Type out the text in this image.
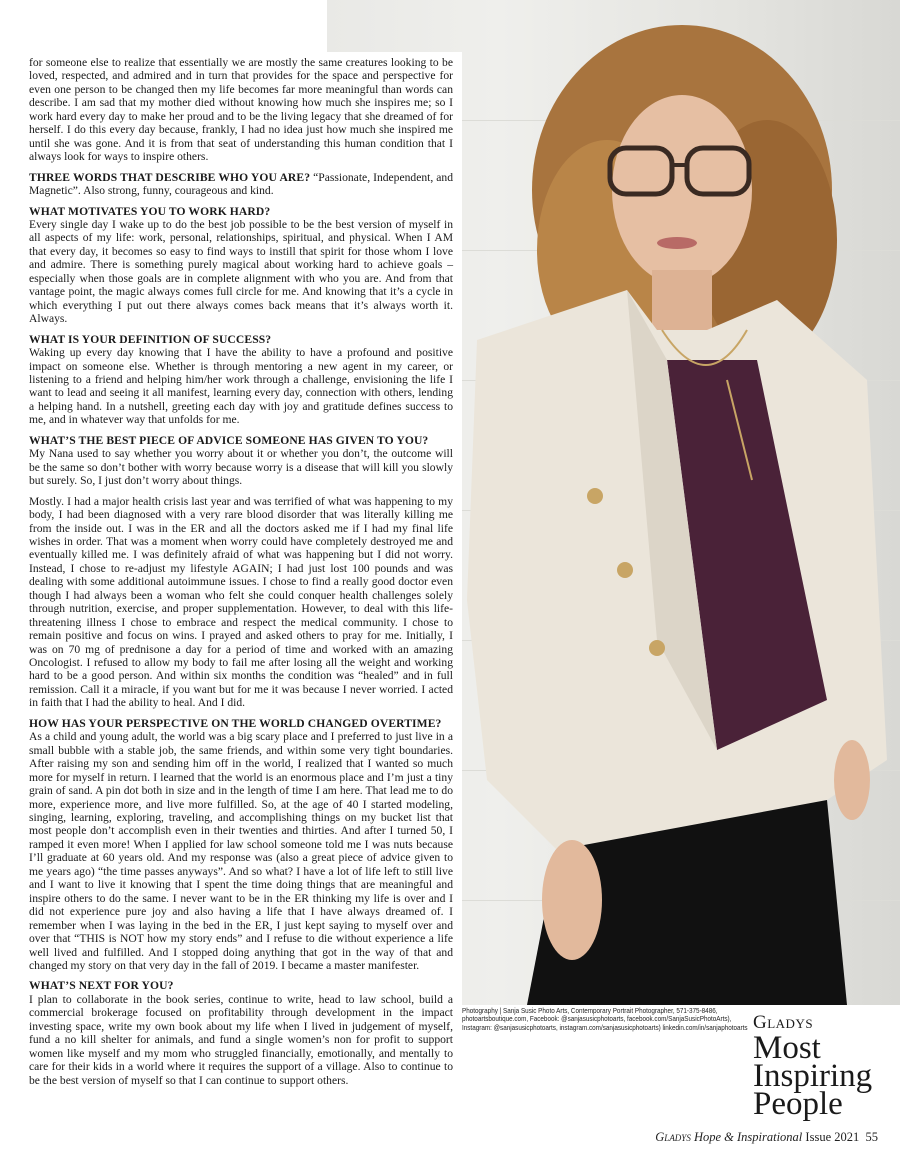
for someone else to realize that essentially we are mostly the same creatures looking to be loved, respected, and admired and in turn that provides for the space and perspective for even one person to be changed then my life becomes far more meaningful than words can describe. I am sad that my mother died without knowing how much she inspires me; so I work hard every day to make her proud and to be the living legacy that she dreamed of for herself. I do this every day because, frankly, I had no idea just how much she inspired me until she was gone. And it is from that seat of understanding this human condition that I always look for ways to inspire others.

THREE WORDS THAT DESCRIBE WHO YOU ARE? “Passionate, Independent, and Magnetic”. Also strong, funny, courageous and kind.

WHAT MOTIVATES YOU TO WORK HARD?
Every single day I wake up to do the best job possible to be the best version of myself in all aspects of my life: work, personal, relationships, spiritual, and physical. When I AM that every day, it becomes so easy to find ways to instill that spirit for those whom I love and admire. There is something purely magical about working hard to achieve goals – especially when those goals are in complete alignment with who you are. And from that vantage point, the magic always comes full circle for me. And knowing that it’s a cycle in which everything I put out there always comes back means that it’s always worth it. Always.

WHAT IS YOUR DEFINITION OF SUCCESS?
Waking up every day knowing that I have the ability to have a profound and positive impact on someone else. Whether is through mentoring a new agent in my career, or listening to a friend and helping him/her work through a challenge, envisioning the life I want to lead and seeing it all manifest, learning every day, connection with others, lending a helping hand. In a nutshell, greeting each day with joy and gratitude defines success to me, and in whatever way that unfolds for me.

WHAT’S THE BEST PIECE OF ADVICE SOMEONE HAS GIVEN TO YOU?
My Nana used to say whether you worry about it or whether you don’t, the outcome will be the same so don’t bother with worry because worry is a disease that will kill you slowly but surely. So, I just don’t worry about things.

Mostly. I had a major health crisis last year and was terrified of what was happening to my body, I had been diagnosed with a very rare blood disorder that was literally killing me from the inside out. I was in the ER and all the doctors asked me if I had my final life wishes in order. That was a moment when worry could have completely destroyed me and eventually killed me. I was definitely afraid of what was happening but I did not worry. Instead, I chose to re-adjust my lifestyle AGAIN; I had just lost 100 pounds and was dealing with some additional autoimmune issues. I chose to find a really good doctor even though I had always been a woman who felt she could conquer health challenges solely through nutrition, exercise, and proper supplementation. However, to deal with this life-threatening illness I chose to embrace and respect the medical community. I chose to remain positive and focus on wins. I prayed and asked others to pray for me. Initially, I was on 70 mg of prednisone a day for a period of time and worked with an amazing Oncologist. I refused to allow my body to fail me after losing all the weight and working hard to be a good person. And within six months the condition was “healed” and in full remission. Call it a miracle, if you want but for me it was because I never worried. I acted in faith that I had the ability to heal. And I did.

HOW HAS YOUR PERSPECTIVE ON THE WORLD CHANGED OVERTIME?
As a child and young adult, the world was a big scary place and I preferred to just live in a small bubble with a stable job, the same friends, and within some very tight boundaries. After raising my son and sending him off in the world, I realized that I wanted so much more for myself in return. I learned that the world is an enormous place and I’m just a tiny grain of sand. A pin dot both in size and in the length of time I am here. That lead me to do more, experience more, and live more fulfilled. So, at the age of 40 I started modeling, singing, learning, exploring, traveling, and accomplishing things on my bucket list that most people don’t accomplish even in their twenties and thirties. And after I turned 50, I ramped it even more! When I applied for law school someone told me I was nuts because I’ll graduate at 60 years old. And my response was (also a great piece of advice given to me years ago) “the time passes anyways”. And so what? I have a lot of life left to still live and I want to live it knowing that I spent the time doing things that are meaningful and inspire others to do the same. I never want to be in the ER thinking my life is over and I did not experience pure joy and also having a life that I have always dreamed of. I remember when I was laying in the bed in the ER, I just kept saying to myself over and over that “THIS is NOT how my story ends” and I refuse to die without experience a life well lived and fulfilled. And I stopped doing anything that got in the way of that and changed my story on that very day in the fall of 2019. I became a master manifester.

WHAT’S NEXT FOR YOU?
I plan to collaborate in the book series, continue to write, head to law school, build a commercial brokerage focused on profitability through development in the impact investing space, write my own book about my life when I lived in judgement of myself, fund a no kill shelter for animals, and fund a single women’s non for profit to support women like myself and my mom who struggled financially, emotionally, and mentally to care for their kids in a world where it requires the support of a village. Also to continue to be the best version of myself so that I can continue to support others.

Photography | Sanja Susic Photo Arts, Contemporary Portrait Photographer, 571-375-8486, photoartsboutique.com, Facebook: @sanjasusicphotoarts, facebook.com/SanjaSusicPhotoArts), Instagram: @sanjasusicphotoarts, instagram.com/sanjasusicphotoarts) linkedin.com/in/sanjaphotoarts Gladys
Most
Inspiring
People
Gladys Hope & Inspirational Issue 2021 55
